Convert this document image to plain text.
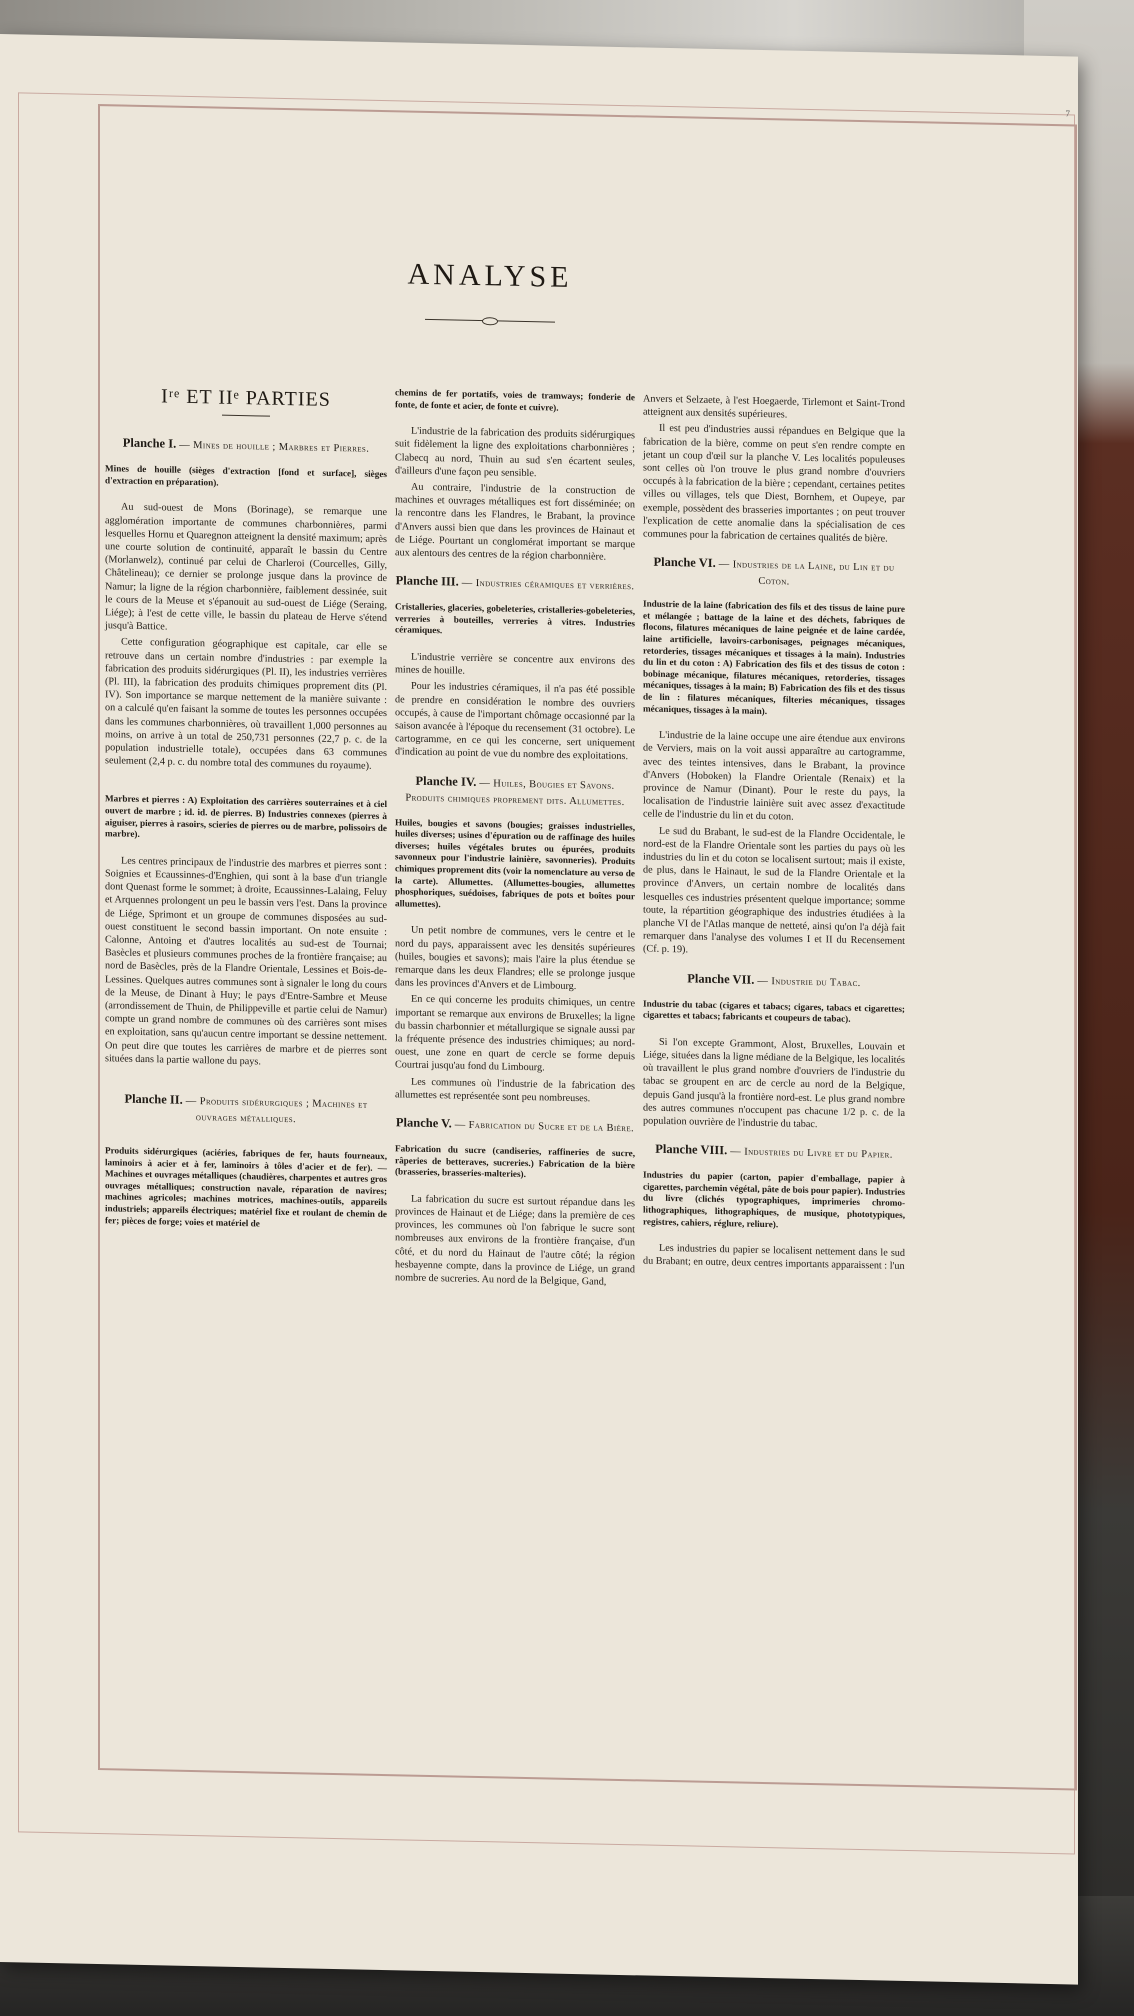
7
ANALYSE
Iʳᵉ ET IIᵉ PARTIES
Planche I. — Mines de houille ; Marbres et Pierres.
Mines de houille (sièges d'extraction [fond et surface], sièges d'extraction en préparation).

Au sud-ouest de Mons (Borinage), se remarque une agglomération importante de communes charbonnières, parmi lesquelles Hornu et Quaregnon atteignent la densité maximum; après une courte solution de continuité, apparaît le bassin du Centre (Morlanwelz), continué par celui de Charleroi (Courcelles, Gilly, Châtelineau); ce dernier se prolonge jusque dans la province de Namur; la ligne de la région charbonnière, faiblement dessinée, suit le cours de la Meuse et s'épanouit au sud-ouest de Liége (Seraing, Liége); à l'est de cette ville, le bassin du plateau de Herve s'étend jusqu'à Battice.

Cette configuration géographique est capitale, car elle se retrouve dans un certain nombre d'industries : par exemple la fabrication des produits sidérurgiques (Pl. II), les industries verrières (Pl. III), la fabrication des produits chimiques proprement dits (Pl. IV). Son importance se marque nettement de la manière suivante : on a calculé qu'en faisant la somme de toutes les personnes occupées dans les communes charbonnières, où travaillent 1,000 personnes au moins, on arrive à un total de 250,731 personnes (22,7 p. c. de la population industrielle totale), occupées dans 63 communes seulement (2,4 p. c. du nombre total des communes du royaume).

Marbres et pierres : A) Exploitation des carrières souterraines et à ciel ouvert de marbre ; id. id. de pierres. B) Industries connexes (pierres à aiguiser, pierres à rasoirs, scieries de pierres ou de marbre, polissoirs de marbre).

Les centres principaux de l'industrie des marbres et pierres sont : Soignies et Ecaussinnes-d'Enghien, qui sont à la base d'un triangle dont Quenast forme le sommet; à droite, Ecaussinnes-Lalaing, Feluy et Arquennes prolongent un peu le bassin vers l'est. Dans la province de Liége, Sprimont et un groupe de communes disposées au sud-ouest constituent le second bassin important. On note ensuite : Calonne, Antoing et d'autres localités au sud-est de Tournai; Basècles et plusieurs communes proches de la frontière française; au nord de Basècles, près de la Flandre Orientale, Lessines et Bois-de-Lessines. Quelques autres communes sont à signaler le long du cours de la Meuse, de Dinant à Huy; le pays d'Entre-Sambre et Meuse (arrondissement de Thuin, de Philippeville et partie celui de Namur) compte un grand nombre de communes où des carrières sont mises en exploitation, sans qu'aucun centre important se dessine nettement. On peut dire que toutes les carrières de marbre et de pierres sont situées dans la partie wallone du pays.

Planche II. — Produits sidérurgiques ; Machines et ouvrages métalliques.
Produits sidérurgiques (aciéries, fabriques de fer, hauts fourneaux, laminoirs à acier et à fer, laminoirs à tôles d'acier et de fer). — Machines et ouvrages métalliques (chaudières, charpentes et autres gros ouvrages métalliques; construction navale, réparation de navires; machines agricoles; machines motrices, machines-outils, appareils industriels; appareils électriques; matériel fixe et roulant de chemin de fer; pièces de forge; voies et matériel de
chemins de fer portatifs, voies de tramways; fonderie de fonte, de fonte et acier, de fonte et cuivre).

L'industrie de la fabrication des produits sidérurgiques suit fidèlement la ligne des exploitations charbonnières ; Clabecq au nord, Thuin au sud s'en écartent seules, d'ailleurs d'une façon peu sensible.

Au contraire, l'industrie de la construction de machines et ouvrages métalliques est fort disséminée; on la rencontre dans les Flandres, le Brabant, la province d'Anvers aussi bien que dans les provinces de Hainaut et de Liége. Pourtant un conglomérat important se marque aux alentours des centres de la région charbonnière.

Planche III. — Industries céramiques et verrières.
Cristalleries, glaceries, gobeleteries, cristalleries-gobeleteries, verreries à bouteilles, verreries à vitres. Industries céramiques.

L'industrie verrière se concentre aux environs des mines de houille.

Pour les industries céramiques, il n'a pas été possible de prendre en considération le nombre des ouvriers occupés, à cause de l'important chômage occasionné par la saison avancée à l'époque du recensement (31 octobre). Le cartogramme, en ce qui les concerne, sert uniquement d'indication au point de vue du nombre des exploitations.

Planche IV. — Huiles, Bougies et Savons. Produits chimiques proprement dits. Allumettes.
Huiles, bougies et savons (bougies; graisses industrielles, huiles diverses; usines d'épuration ou de raffinage des huiles diverses; huiles végétales brutes ou épurées, produits savonneux pour l'industrie lainière, savonneries). Produits chimiques proprement dits (voir la nomenclature au verso de la carte). Allumettes. (Allumettes-bougies, allumettes phosphoriques, suédoises, fabriques de pots et boîtes pour allumettes).

Un petit nombre de communes, vers le centre et le nord du pays, apparaissent avec les densités supérieures (huiles, bougies et savons); mais l'aire la plus étendue se remarque dans les deux Flandres; elle se prolonge jusque dans les provinces d'Anvers et de Limbourg.

En ce qui concerne les produits chimiques, un centre important se remarque aux environs de Bruxelles; la ligne du bassin charbonnier et métallurgique se signale aussi par la fréquente présence des industries chimiques; au nord-ouest, une zone en quart de cercle se forme depuis Courtrai jusqu'au fond du Limbourg.

Les communes où l'industrie de la fabrication des allumettes est représentée sont peu nombreuses.

Planche V. — Fabrication du Sucre et de la Bière.
Fabrication du sucre (candiseries, raffineries de sucre, râperies de betteraves, sucreries.) Fabrication de la bière (brasseries, brasseries-malteries).

La fabrication du sucre est surtout répandue dans les provinces de Hainaut et de Liége; dans la première de ces provinces, les communes où l'on fabrique le sucre sont nombreuses aux environs de la frontière française, d'un côté, et du nord du Hainaut de l'autre côté; la région hesbayenne compte, dans la province de Liége, un grand nombre de sucreries. Au nord de la Belgique, Gand,

Anvers et Selzaete, à l'est Hoegaerde, Tirlemont et Saint-Trond atteignent aux densités supérieures.

Il est peu d'industries aussi répandues en Belgique que la fabrication de la bière, comme on peut s'en rendre compte en jetant un coup d'œil sur la planche V. Les localités populeuses sont celles où l'on trouve le plus grand nombre d'ouvriers occupés à la fabrication de la bière ; cependant, certaines petites villes ou villages, tels que Diest, Bornhem, et Oupeye, par exemple, possèdent des brasseries importantes ; on peut trouver l'explication de cette anomalie dans la spécialisation de ces communes pour la fabrication de certaines qualités de bière.

Planche VI. — Industries de la Laine, du Lin et du Coton.
Industrie de la laine (fabrication des fils et des tissus de laine pure et mélangée ; battage de la laine et des déchets, fabriques de flocons, filatures mécaniques de laine peignée et de laine cardée, laine artificielle, lavoirs-carbonisages, peignages mécaniques, retorderies, tissages mécaniques et tissages à la main). Industries du lin et du coton : A) Fabrication des fils et des tissus de coton : bobinage mécanique, filatures mécaniques, retorderies, tissages mécaniques, tissages à la main; B) Fabrication des fils et des tissus de lin : filatures mécaniques, filteries mécaniques, tissages mécaniques, tissages à la main).

L'industrie de la laine occupe une aire étendue aux environs de Verviers, mais on la voit aussi apparaître au cartogramme, avec des teintes intensives, dans le Brabant, la province d'Anvers (Hoboken) la Flandre Orientale (Renaix) et la province de Namur (Dinant). Pour le reste du pays, la localisation de l'industrie lainière suit avec assez d'exactitude celle de l'industrie du lin et du coton.

Le sud du Brabant, le sud-est de la Flandre Occidentale, le nord-est de la Flandre Orientale sont les parties du pays où les industries du lin et du coton se localisent surtout; mais il existe, de plus, dans le Hainaut, le sud de la Flandre Orientale et la province d'Anvers, un certain nombre de localités dans lesquelles ces industries présentent quelque importance; somme toute, la répartition géographique des industries étudiées à la planche VI de l'Atlas manque de netteté, ainsi qu'on l'a déjà fait remarquer dans l'analyse des volumes I et II du Recensement (Cf. p. 19).

Planche VII. — Industrie du Tabac.
Industrie du tabac (cigares et tabacs; cigares, tabacs et cigarettes; cigarettes et tabacs; fabricants et coupeurs de tabac).

Si l'on excepte Grammont, Alost, Bruxelles, Louvain et Liége, situées dans la ligne médiane de la Belgique, les localités où travaillent le plus grand nombre d'ouvriers de l'industrie du tabac se groupent en arc de cercle au nord de la Belgique, depuis Gand jusqu'à la frontière nord-est. Le plus grand nombre des autres communes n'occupent pas chacune 1/2 p. c. de la population ouvrière de l'industrie du tabac.

Planche VIII. — Industries du Livre et du Papier.
Industries du papier (carton, papier d'emballage, papier à cigarettes, parchemin végétal, pâte de bois pour papier). Industries du livre (clichés typographiques, imprimeries chromo-lithographiques, lithographiques, de musique, phototypiques, registres, cahiers, réglure, reliure).

Les industries du papier se localisent nettement dans le sud du Brabant; en outre, deux centres importants apparaissent : l'un
